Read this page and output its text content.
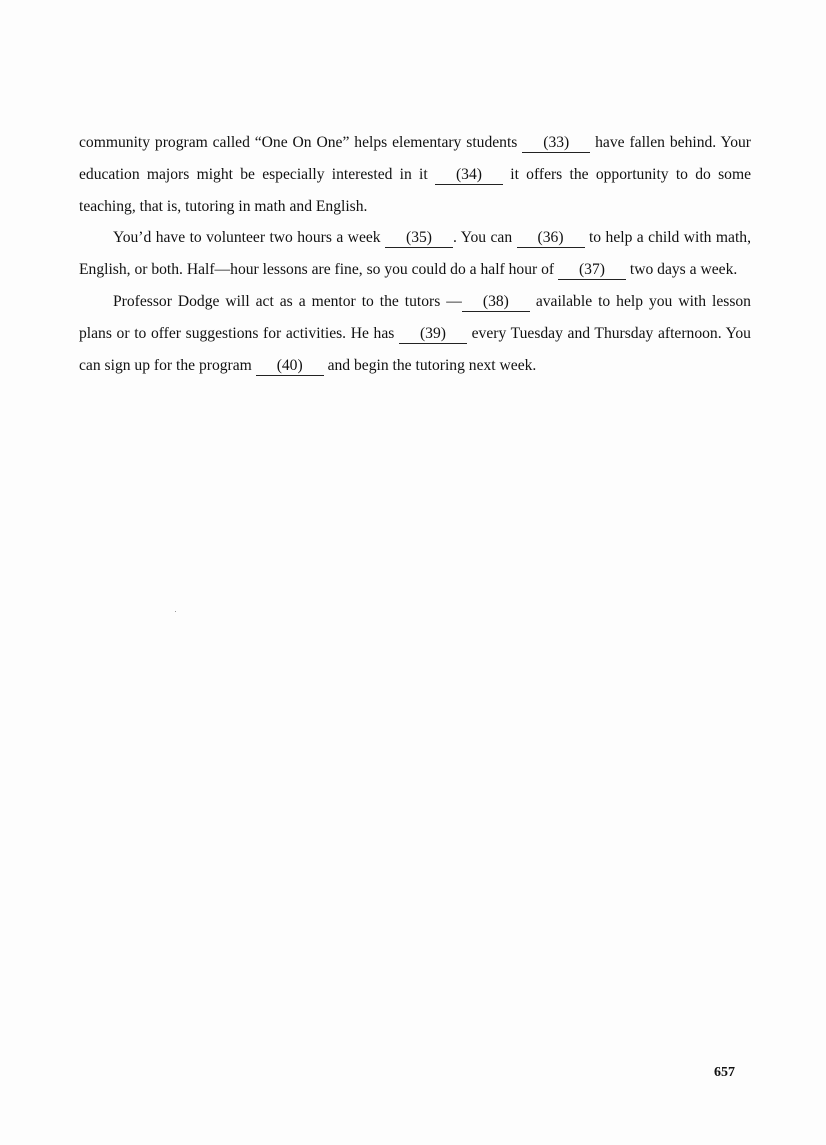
community program called “One On One” helps elementary students (33) have fallen behind. Your education majors might be especially interested in it (34) it offers the opportunity to do some teaching, that is, tutoring in math and English.

You’d have to volunteer two hours a week (35) . You can (36) to help a child with math, English, or both. Half—hour lessons are fine, so you could do a half hour of (37) two days a week.

Professor Dodge will act as a mentor to the tutors — (38) available to help you with lesson plans or to offer suggestions for activities. He has (39) every Tuesday and Thursday afternoon. You can sign up for the program (40) and begin the tutoring next week.

657
